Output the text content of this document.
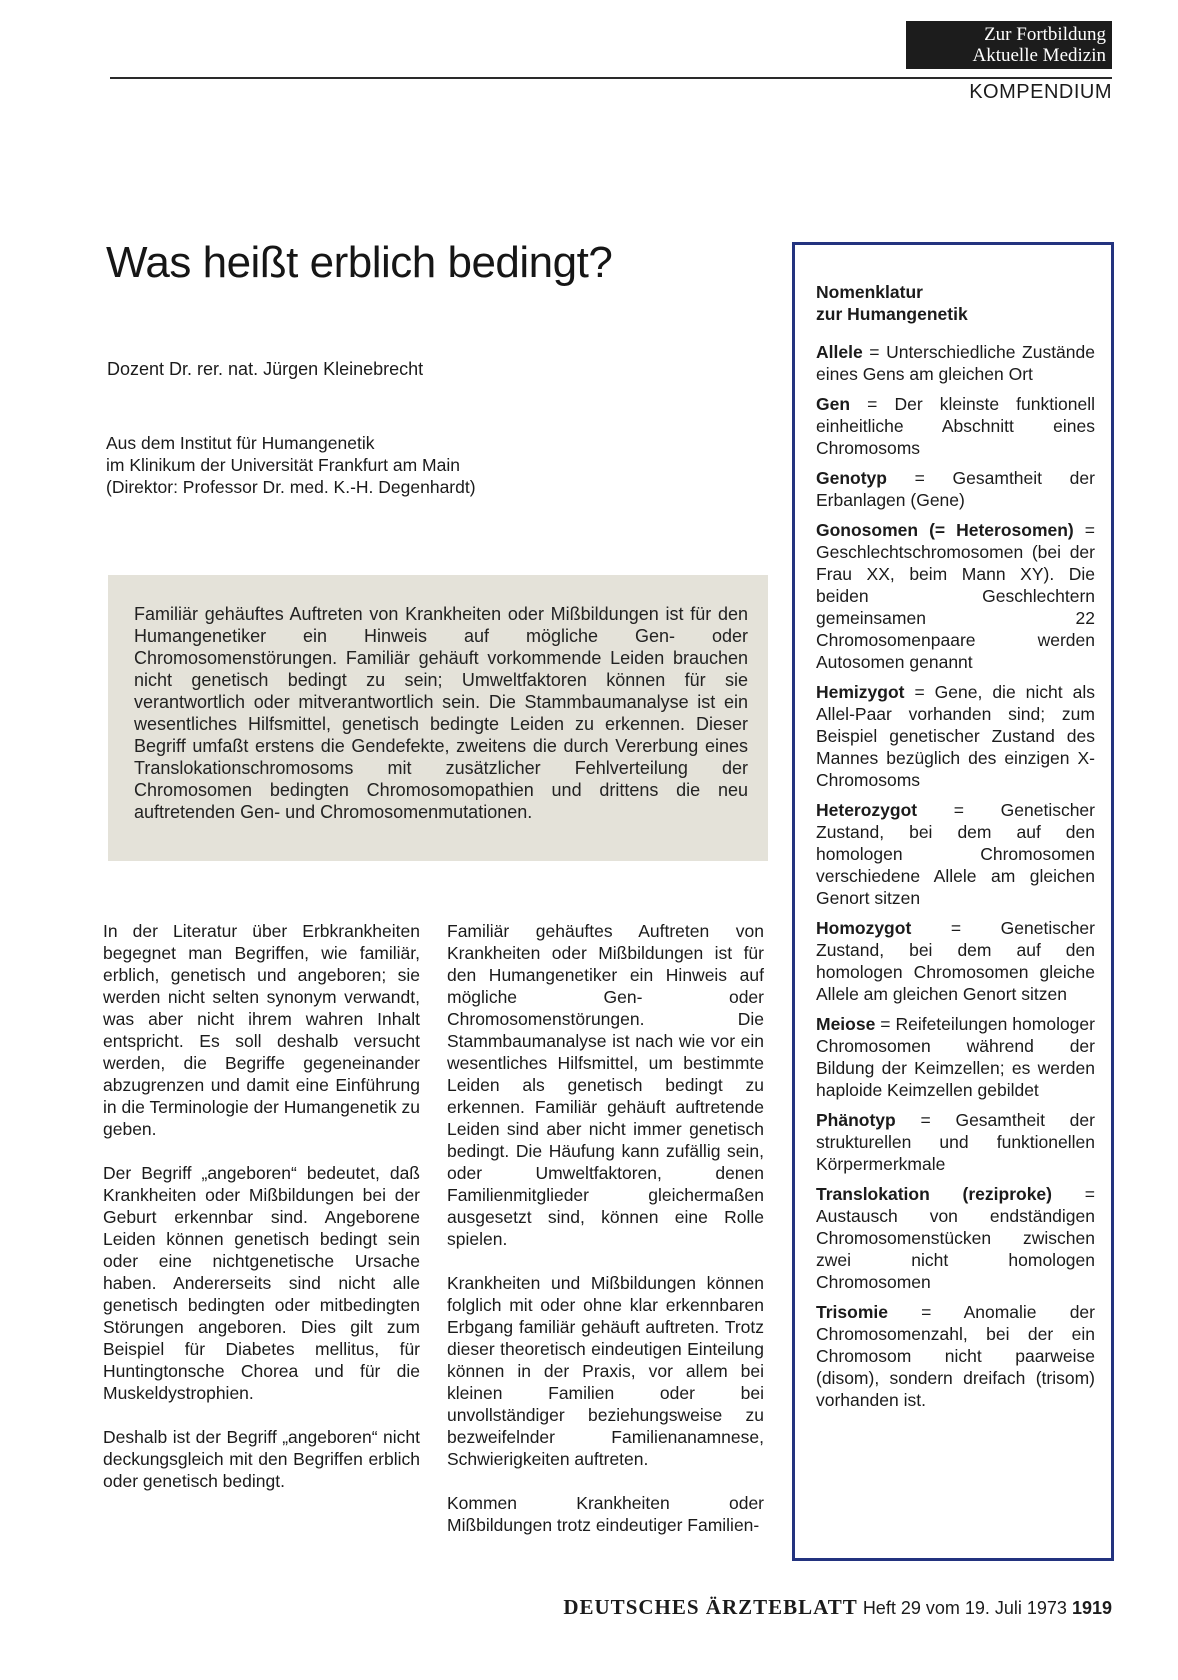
Zur Fortbildung
Aktuelle Medizin
KOMPENDIUM
Was heißt erblich bedingt?
Dozent Dr. rer. nat. Jürgen Kleinebrecht
Aus dem Institut für Humangenetik
im Klinikum der Universität Frankfurt am Main
(Direktor: Professor Dr. med. K.-H. Degenhardt)
Familiär gehäuftes Auftreten von Krankheiten oder Mißbildungen ist für den Humangenetiker ein Hinweis auf mögliche Gen- oder Chromosomenstörungen. Familiär gehäuft vorkommende Leiden brauchen nicht genetisch bedingt zu sein; Umweltfaktoren können für sie verantwortlich oder mitverantwortlich sein. Die Stammbaumanalyse ist ein wesentliches Hilfsmittel, genetisch bedingte Leiden zu erkennen. Dieser Begriff umfaßt erstens die Gendefekte, zweitens die durch Vererbung eines Translokationschromosoms mit zusätzlicher Fehlverteilung der Chromosomen bedingten Chromosomopathien und drittens die neu auftretenden Gen- und Chromosomenmutationen.

In der Literatur über Erbkrankheiten begegnet man Begriffen, wie familiär, erblich, genetisch und angeboren; sie werden nicht selten synonym verwandt, was aber nicht ihrem wahren Inhalt entspricht. Es soll deshalb versucht werden, die Begriffe gegeneinander abzugrenzen und damit eine Einführung in die Terminologie der Humangenetik zu geben.

Der Begriff „angeboren“ bedeutet, daß Krankheiten oder Mißbildungen bei der Geburt erkennbar sind. Angeborene Leiden können genetisch bedingt sein oder eine nichtgenetische Ursache haben. Andererseits sind nicht alle genetisch bedingten oder mitbedingten Störungen angeboren. Dies gilt zum Beispiel für Diabetes mellitus, für Huntingtonsche Chorea und für die Muskeldystrophien.

Deshalb ist der Begriff „angeboren“ nicht deckungsgleich mit den Begriffen erblich oder genetisch bedingt.

Familiär gehäuftes Auftreten von Krankheiten oder Mißbildungen ist für den Humangenetiker ein Hinweis auf mögliche Gen- oder Chromosomenstörungen. Die Stammbaumanalyse ist nach wie vor ein wesentliches Hilfsmittel, um bestimmte Leiden als genetisch bedingt zu erkennen. Familiär gehäuft auftretende Leiden sind aber nicht immer genetisch bedingt. Die Häufung kann zufällig sein, oder Umweltfaktoren, denen Familienmitglieder gleichermaßen ausgesetzt sind, können eine Rolle spielen.

Krankheiten und Mißbildungen können folglich mit oder ohne klar erkennbaren Erbgang familiär gehäuft auftreten. Trotz dieser theoretisch eindeutigen Einteilung können in der Praxis, vor allem bei kleinen Familien oder bei unvollständiger beziehungsweise zu bezweifelnder Familienanamnese, Schwierigkeiten auftreten.

Kommen Krankheiten oder Mißbildungen trotz eindeutiger Familien-

Nomenklatur
zur Humangenetik
Allele = Unterschiedliche Zustände eines Gens am gleichen Ort
Gen = Der kleinste funktionell einheitliche Abschnitt eines Chromosoms
Genotyp = Gesamtheit der Erbanlagen (Gene)
Gonosomen (= Heterosomen) = Geschlechtschromosomen (bei der Frau XX, beim Mann XY). Die beiden Geschlechtern gemeinsamen 22 Chromosomenpaare werden Autosomen genannt
Hemizygot = Gene, die nicht als Allel-Paar vorhanden sind; zum Beispiel genetischer Zustand des Mannes bezüglich des einzigen X-Chromosoms
Heterozygot = Genetischer Zustand, bei dem auf den homologen Chromosomen verschiedene Allele am gleichen Genort sitzen
Homozygot = Genetischer Zustand, bei dem auf den homologen Chromosomen gleiche Allele am gleichen Genort sitzen
Meiose = Reifeteilungen homologer Chromosomen während der Bildung der Keimzellen; es werden haploide Keimzellen gebildet
Phänotyp = Gesamtheit der strukturellen und funktionellen Körpermerkmale
Translokation (reziproke) = Austausch von endständigen Chromosomenstücken zwischen zwei nicht homologen Chromosomen
Trisomie = Anomalie der Chromosomenzahl, bei der ein Chromosom nicht paarweise (disom), sondern dreifach (trisom) vorhanden ist.
DEUTSCHES ÄRZTEBLATT Heft 29 vom 19. Juli 1973 1919
